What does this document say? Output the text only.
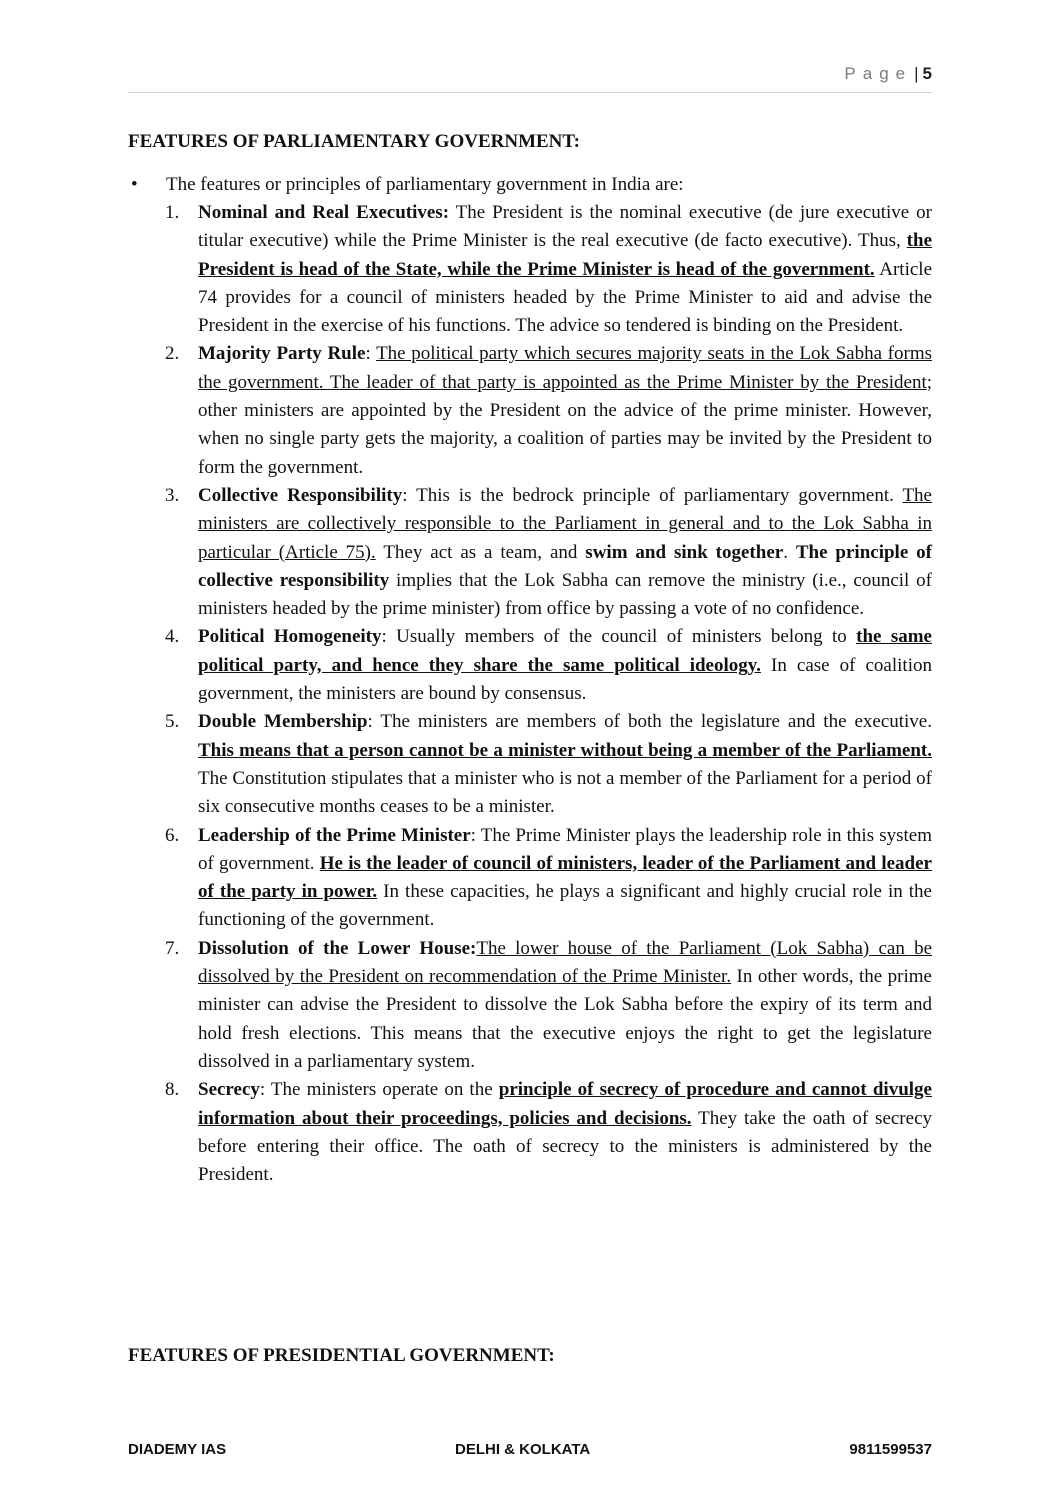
Page | 5
FEATURES OF PARLIAMENTARY GOVERNMENT:
• The features or principles of parliamentary government in India are:
1. Nominal and Real Executives: The President is the nominal executive (de jure executive or titular executive) while the Prime Minister is the real executive (de facto executive). Thus, the President is head of the State, while the Prime Minister is head of the government. Article 74 provides for a council of ministers headed by the Prime Minister to aid and advise the President in the exercise of his functions. The advice so tendered is binding on the President.
2. Majority Party Rule: The political party which secures majority seats in the Lok Sabha forms the government. The leader of that party is appointed as the Prime Minister by the President; other ministers are appointed by the President on the advice of the prime minister. However, when no single party gets the majority, a coalition of parties may be invited by the President to form the government.
3. Collective Responsibility: This is the bedrock principle of parliamentary government. The ministers are collectively responsible to the Parliament in general and to the Lok Sabha in particular (Article 75). They act as a team, and swim and sink together. The principle of collective responsibility implies that the Lok Sabha can remove the ministry (i.e., council of ministers headed by the prime minister) from office by passing a vote of no confidence.
4. Political Homogeneity: Usually members of the council of ministers belong to the same political party, and hence they share the same political ideology. In case of coalition government, the ministers are bound by consensus.
5. Double Membership: The ministers are members of both the legislature and the executive. This means that a person cannot be a minister without being a member of the Parliament. The Constitution stipulates that a minister who is not a member of the Parliament for a period of six consecutive months ceases to be a minister.
6. Leadership of the Prime Minister: The Prime Minister plays the leadership role in this system of government. He is the leader of council of ministers, leader of the Parliament and leader of the party in power. In these capacities, he plays a significant and highly crucial role in the functioning of the government.
7. Dissolution of the Lower House:The lower house of the Parliament (Lok Sabha) can be dissolved by the President on recommendation of the Prime Minister. In other words, the prime minister can advise the President to dissolve the Lok Sabha before the expiry of its term and hold fresh elections. This means that the executive enjoys the right to get the legislature dissolved in a parliamentary system.
8. Secrecy: The ministers operate on the principle of secrecy of procedure and cannot divulge information about their proceedings, policies and decisions. They take the oath of secrecy before entering their office. The oath of secrecy to the ministers is administered by the President.
FEATURES OF PRESIDENTIAL GOVERNMENT:
DIADEMY IAS	DELHI & KOLKATA	9811599537
